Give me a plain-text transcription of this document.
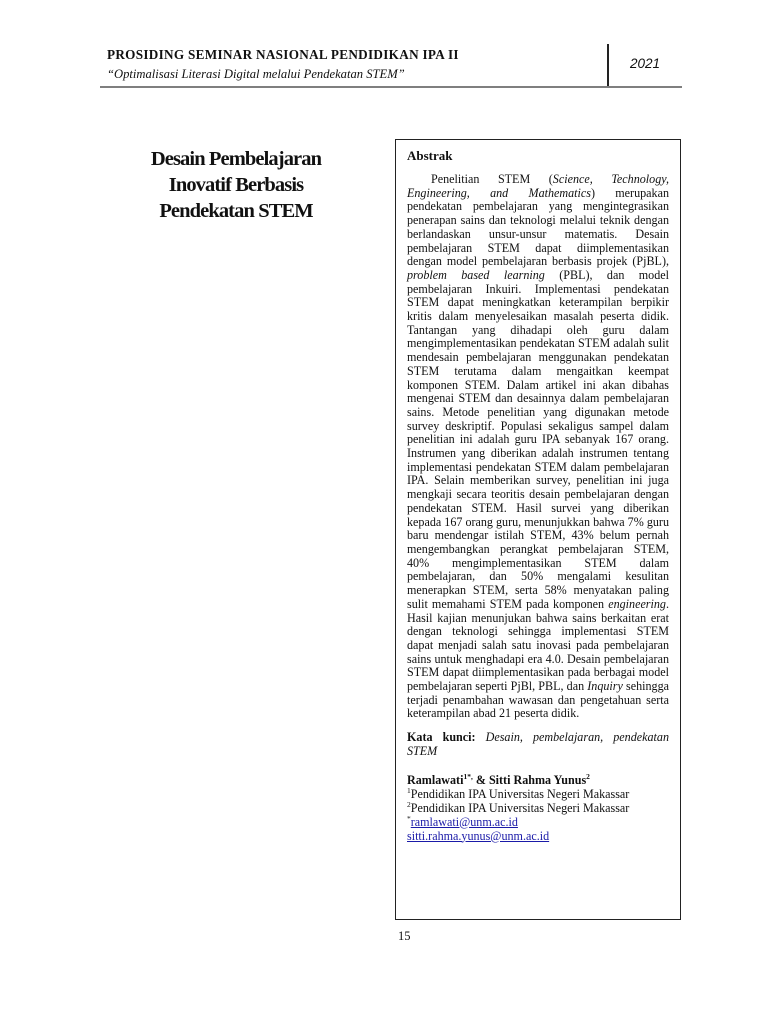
PROSIDING SEMINAR NASIONAL PENDIDIKAN IPA II
“Optimalisasi Literasi Digital melalui Pendekatan STEM”
2021
Desain Pembelajaran
Inovatif Berbasis
Pendekatan STEM
Abstrak
Penelitian STEM (Science, Technology, Engineering, and Mathematics) merupakan pendekatan pembelajaran yang mengintegrasikan penerapan sains dan teknologi melalui teknik dengan berlandaskan unsur-unsur matematis. Desain pembelajaran STEM dapat diimplementasikan dengan model pembelajaran berbasis projek (PjBL), problem based learning (PBL), dan model pembelajaran Inkuiri. Implementasi pendekatan STEM dapat meningkatkan keterampilan berpikir kritis dalam menyelesaikan masalah peserta didik. Tantangan yang dihadapi oleh guru dalam mengimplementasikan pendekatan STEM adalah sulit mendesain pembelajaran menggunakan pendekatan STEM terutama dalam mengaitkan keempat komponen STEM. Dalam artikel ini akan dibahas mengenai STEM dan desainnya dalam pembelajaran sains. Metode penelitian yang digunakan metode survey deskriptif. Populasi sekaligus sampel dalam penelitian ini adalah guru IPA sebanyak 167 orang. Instrumen yang diberikan adalah instrumen tentang implementasi pendekatan STEM dalam pembelajaran IPA. Selain memberikan survey, penelitian ini juga mengkaji secara teoritis desain pembelajaran dengan pendekatan STEM. Hasil survei yang diberikan kepada 167 orang guru, menunjukkan bahwa 7% guru baru mendengar istilah STEM, 43% belum pernah mengembangkan perangkat pembelajaran STEM, 40% mengimplementasikan STEM dalam pembelajaran, dan 50% mengalami kesulitan menerapkan STEM, serta 58% menyatakan paling sulit memahami STEM pada komponen engineering. Hasil kajian menunjukan bahwa sains berkaitan erat dengan teknologi sehingga implementasi STEM dapat menjadi salah satu inovasi pada pembelajaran sains untuk menghadapi era 4.0. Desain pembelajaran STEM dapat diimplementasikan pada berbagai model pembelajaran seperti PjBl, PBL, dan Inquiry sehingga terjadi penambahan wawasan dan pengetahuan serta keterampilan abad 21 peserta didik.
Kata kunci: Desain, pembelajaran, pendekatan STEM
Ramlawati$^{1*,}$ & Sitti Rahma Yunus$^2$
$^1$Pendidikan IPA Universitas Negeri Makassar
$^2$Pendidikan IPA Universitas Negeri Makassar
*ramlawati@unm.ac.id
sitti.rahma.yunus@unm.ac.id
15
